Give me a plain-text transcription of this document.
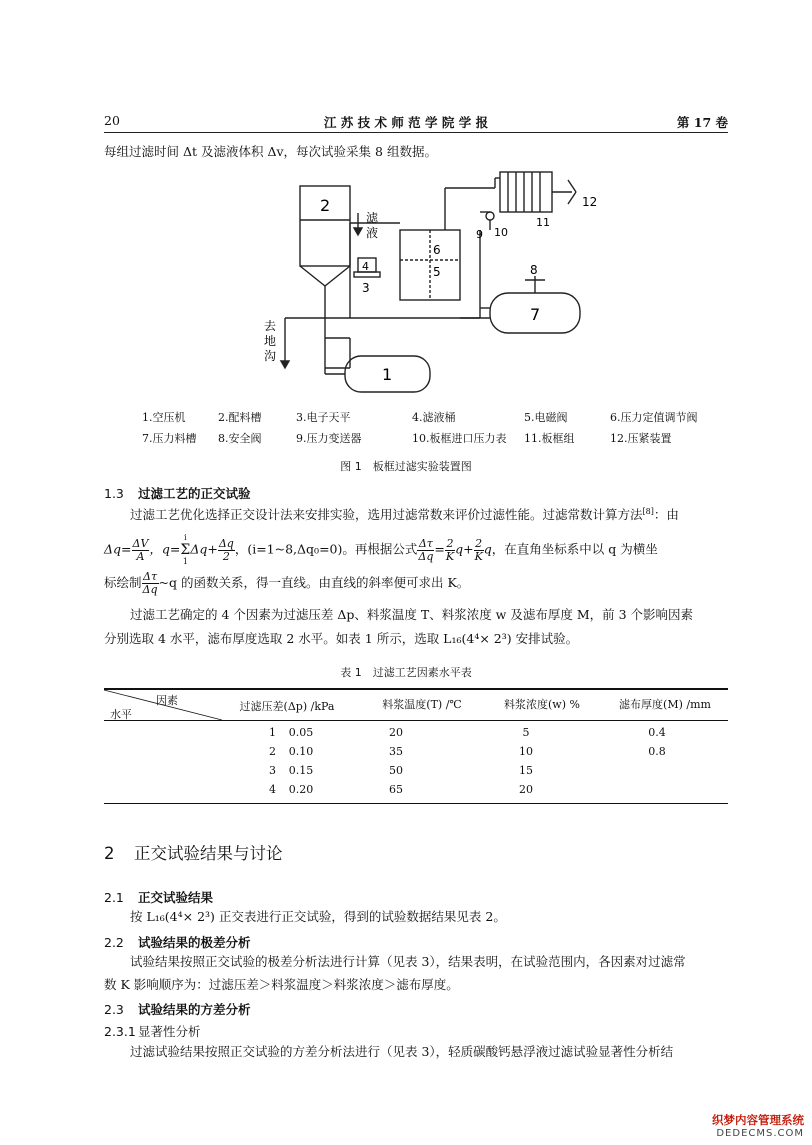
20	江 苏 技 术 师 范 学 院 学 报	第 17 卷
每组过滤时间 Δt 及滤液体积 Δv，每次试验采集 8 组数据。
2
滤
液
4
3
6
5
1
7
8
9 10
11
12
去
地
沟
1.空压机	2.配料槽	3.电子天平	4.滤液桶	5.电磁阀	6.压力定值调节阀
7.压力料槽 8.安全阀	9.压力变送器	10.板框进口压力表 11.板框组	12.压紧装置
图 1　板框过滤实验装置图
1.3 过滤工艺的正交试验
过滤工艺优化选择正交设计法来安排实验，选用过滤常数来评价过滤性能。过滤常数计算方法[8]：由
$\Delta q= \frac{\Delta V}{A}$ ，q=
i
Σ
1
$\Delta q+ \frac{\Delta q}{2}$ ，(i=1~8,Δq₀=0)。再根据公式 $\frac{\Delta\tau}{\Delta q} = \frac{2}{K} q+ \frac{2}{K}$ q，在直角坐标系中以 q 为横坐
标绘制 $\frac{\Delta\tau}{\Delta q}$ ~q 的函数关系，得一直线。由直线的斜率便可求出 K。
过滤工艺确定的 4 个因素为过滤压差 Δp、料浆温度 T、料浆浓度 w 及滤布厚度 M，前 3 个影响因素
分别选取 4 水平，滤布厚度选取 2 水平。如表 1 所示，选取 L₁₆(4⁴× 2³) 安排试验。
表 1　过滤工艺因素水平表
因素
水平
过滤压差(Δp) /kPa	料浆温度(T) /℃	料浆浓度(w) %	滤布厚度(M) /mm
1	0.05	20	5	0.4
2	0.10	35	10	0.8
3	0.15	50	15	
4	0.20	65	20	
2 正交试验结果与讨论
2.1 正交试验结果
按 L₁₆(4⁴× 2³) 正交表进行正交试验，得到的试验数据结果见表 2。
2.2 试验结果的极差分析
试验结果按照正交试验的极差分析法进行计算（见表 3），结果表明，在试验范围内，各因素对过滤常
数 K 影响顺序为：过滤压差＞料浆温度＞料浆浓度＞滤布厚度。
2.3 试验结果的方差分析
2.3.1 显著性分析
过滤试验结果按照正交试验的方差分析法进行（见表 3），轻质碳酸钙悬浮液过滤试验显著性分析结
织梦内容管理系统
DEDECMS.COM
